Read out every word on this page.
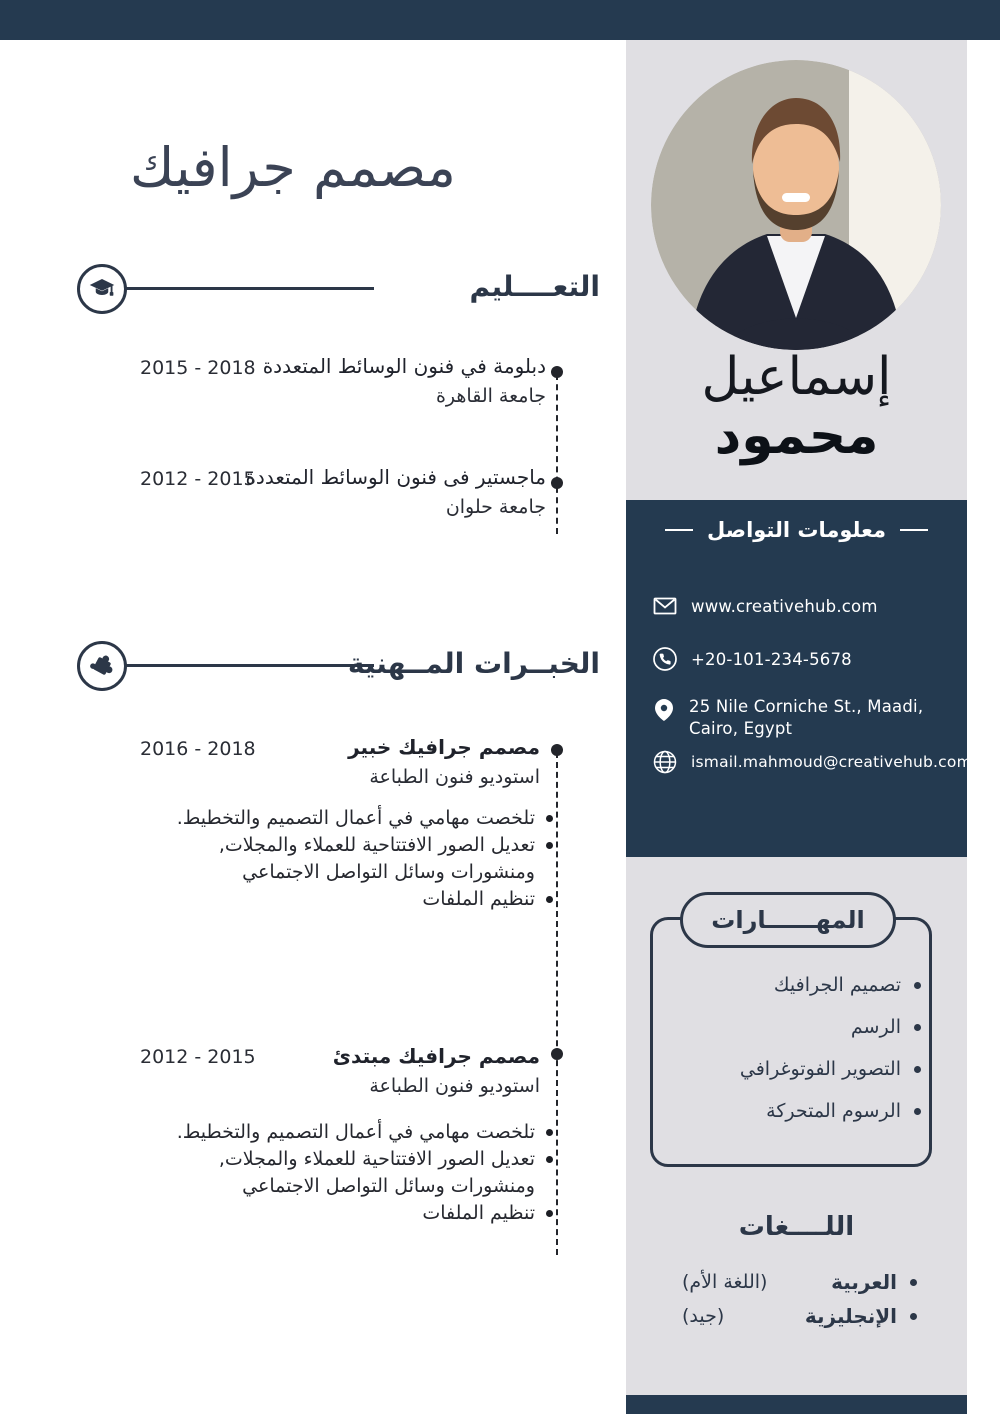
مصمم جرافيك
التعــــليم
دبلومة في فنون الوسائط المتعددة
جامعة القاهرة
2015 - 2018
ماجستير فى فنون الوسائط المتعددة
جامعة حلوان
2012 - 2015
الخبــرات المــهنية
مصمم جرافيك خبير
استوديو فنون الطباعة
2016 - 2018
تلخصت مهامي في أعمال التصميم والتخطيط.
تعديل الصور الافتتاحية للعملاء والمجلات,
ومنشورات وسائل التواصل الاجتماعي
تنظيم الملفات
مصمم جرافيك مبتدئ
استوديو فنون الطباعة
2012 - 2015
تلخصت مهامي في أعمال التصميم والتخطيط.
تعديل الصور الافتتاحية للعملاء والمجلات,
ومنشورات وسائل التواصل الاجتماعي
تنظيم الملفات
إسماعيل
محمود
معلومات التواصل
www.creativehub.com
+20-101-234-5678
25 Nile Corniche St., Maadi,
Cairo, Egypt
ismail.mahmoud@creativehub.com
المهــــــارات
تصميم الجرافيك
الرسم
التصوير الفوتوغرافي
الرسوم المتحركة
اللــــغات
العربية
(اللغة الأم)
الإنجليزية
(جيد)
